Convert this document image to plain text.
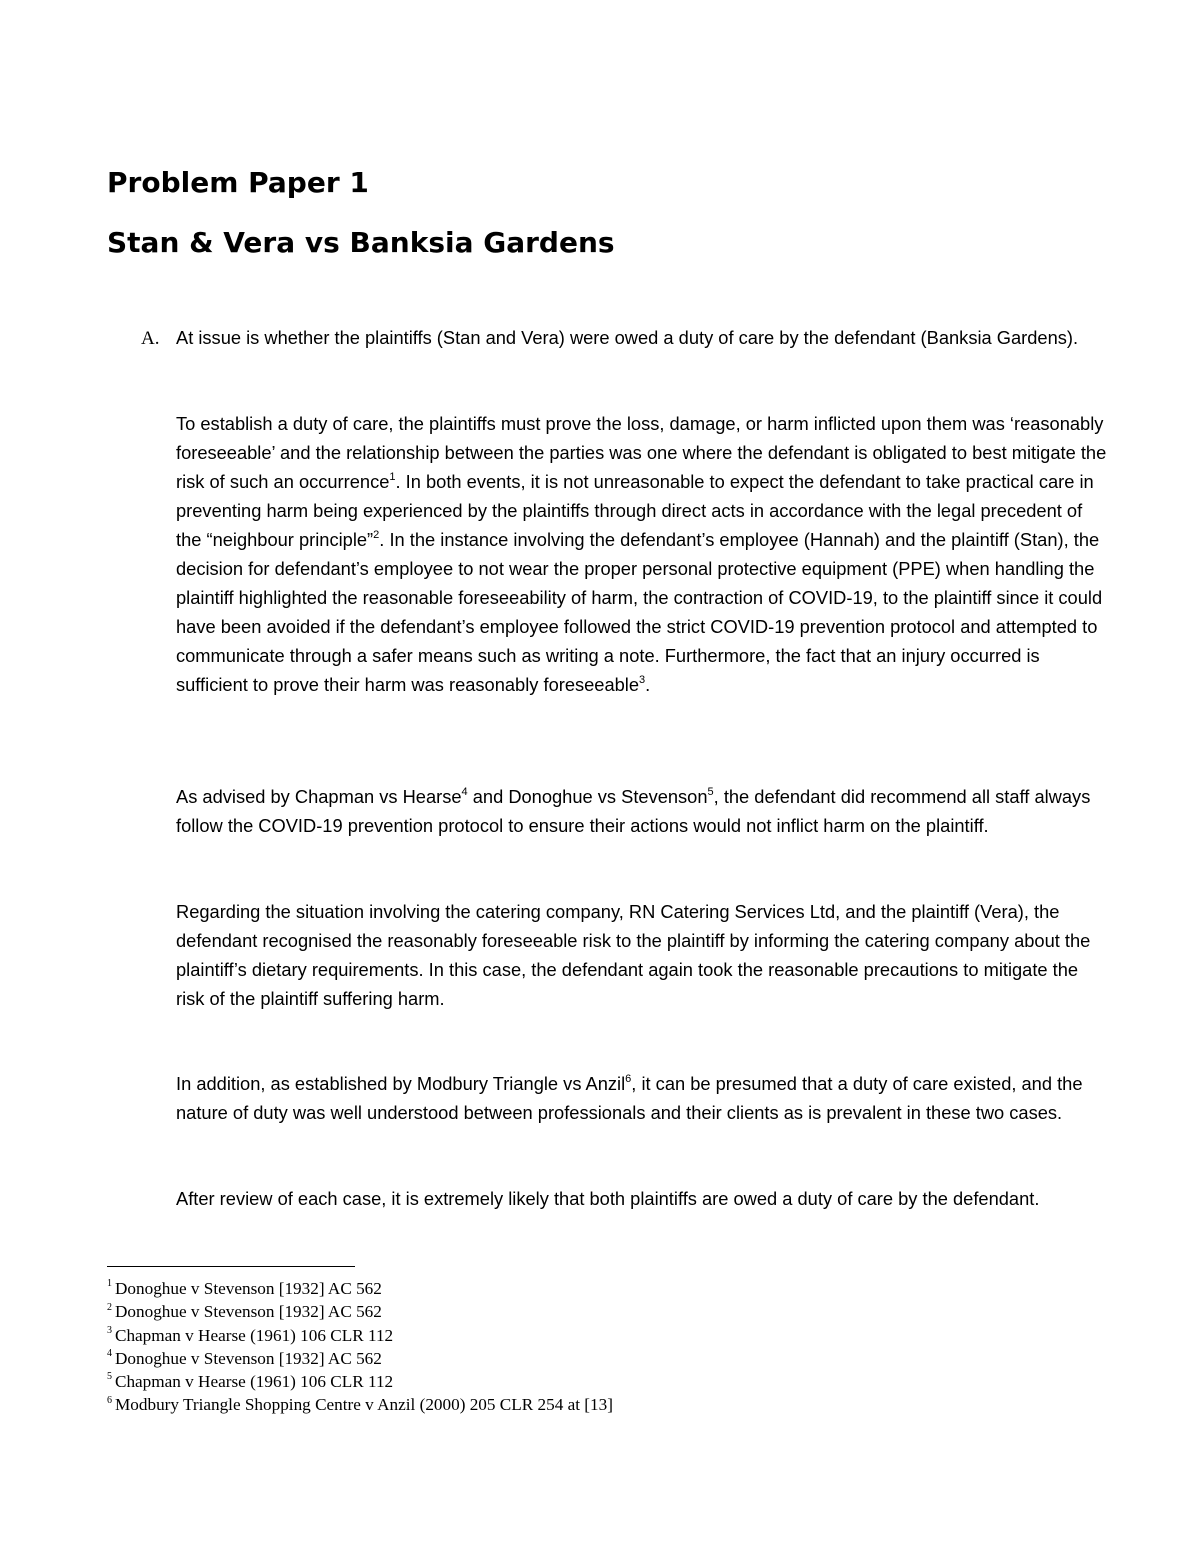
Problem Paper 1
Stan & Vera vs Banksia Gardens
A. At issue is whether the plaintiffs (Stan and Vera) were owed a duty of care by the defendant (Banksia Gardens).

To establish a duty of care, the plaintiffs must prove the loss, damage, or harm inflicted upon them was ‘reasonably foreseeable’ and the relationship between the parties was one where the defendant is obligated to best mitigate the risk of such an occurrence$^1$. In both events, it is not unreasonable to expect the defendant to take practical care in preventing harm being experienced by the plaintiffs through direct acts in accordance with the legal precedent of the “neighbour principle”$^2$. In the instance involving the defendant’s employee (Hannah) and the plaintiff (Stan), the decision for defendant’s employee to not wear the proper personal protective equipment (PPE) when handling the plaintiff highlighted the reasonable foreseeability of harm, the contraction of COVID-19, to the plaintiff since it could have been avoided if the defendant’s employee followed the strict COVID-19 prevention protocol and attempted to communicate through a safer means such as writing a note. Furthermore, the fact that an injury occurred is sufficient to prove their harm was reasonably foreseeable$^3$.

As advised by Chapman vs Hearse$^4$ and Donoghue vs Stevenson$^5$, the defendant did recommend all staff always follow the COVID-19 prevention protocol to ensure their actions would not inflict harm on the plaintiff.

Regarding the situation involving the catering company, RN Catering Services Ltd, and the plaintiff (Vera), the defendant recognised the reasonably foreseeable risk to the plaintiff by informing the catering company about the plaintiff’s dietary requirements. In this case, the defendant again took the reasonable precautions to mitigate the risk of the plaintiff suffering harm.

In addition, as established by Modbury Triangle vs Anzil$^6$, it can be presumed that a duty of care existed, and the nature of duty was well understood between professionals and their clients as is prevalent in these two cases.

After review of each case, it is extremely likely that both plaintiffs are owed a duty of care by the defendant.

$^1$ Donoghue v Stevenson [1932] AC 562
$^2$ Donoghue v Stevenson [1932] AC 562
$^3$ Chapman v Hearse (1961) 106 CLR 112
$^4$ Donoghue v Stevenson [1932] AC 562
$^5$ Chapman v Hearse (1961) 106 CLR 112
$^6$ Modbury Triangle Shopping Centre v Anzil (2000) 205 CLR 254 at [13]
